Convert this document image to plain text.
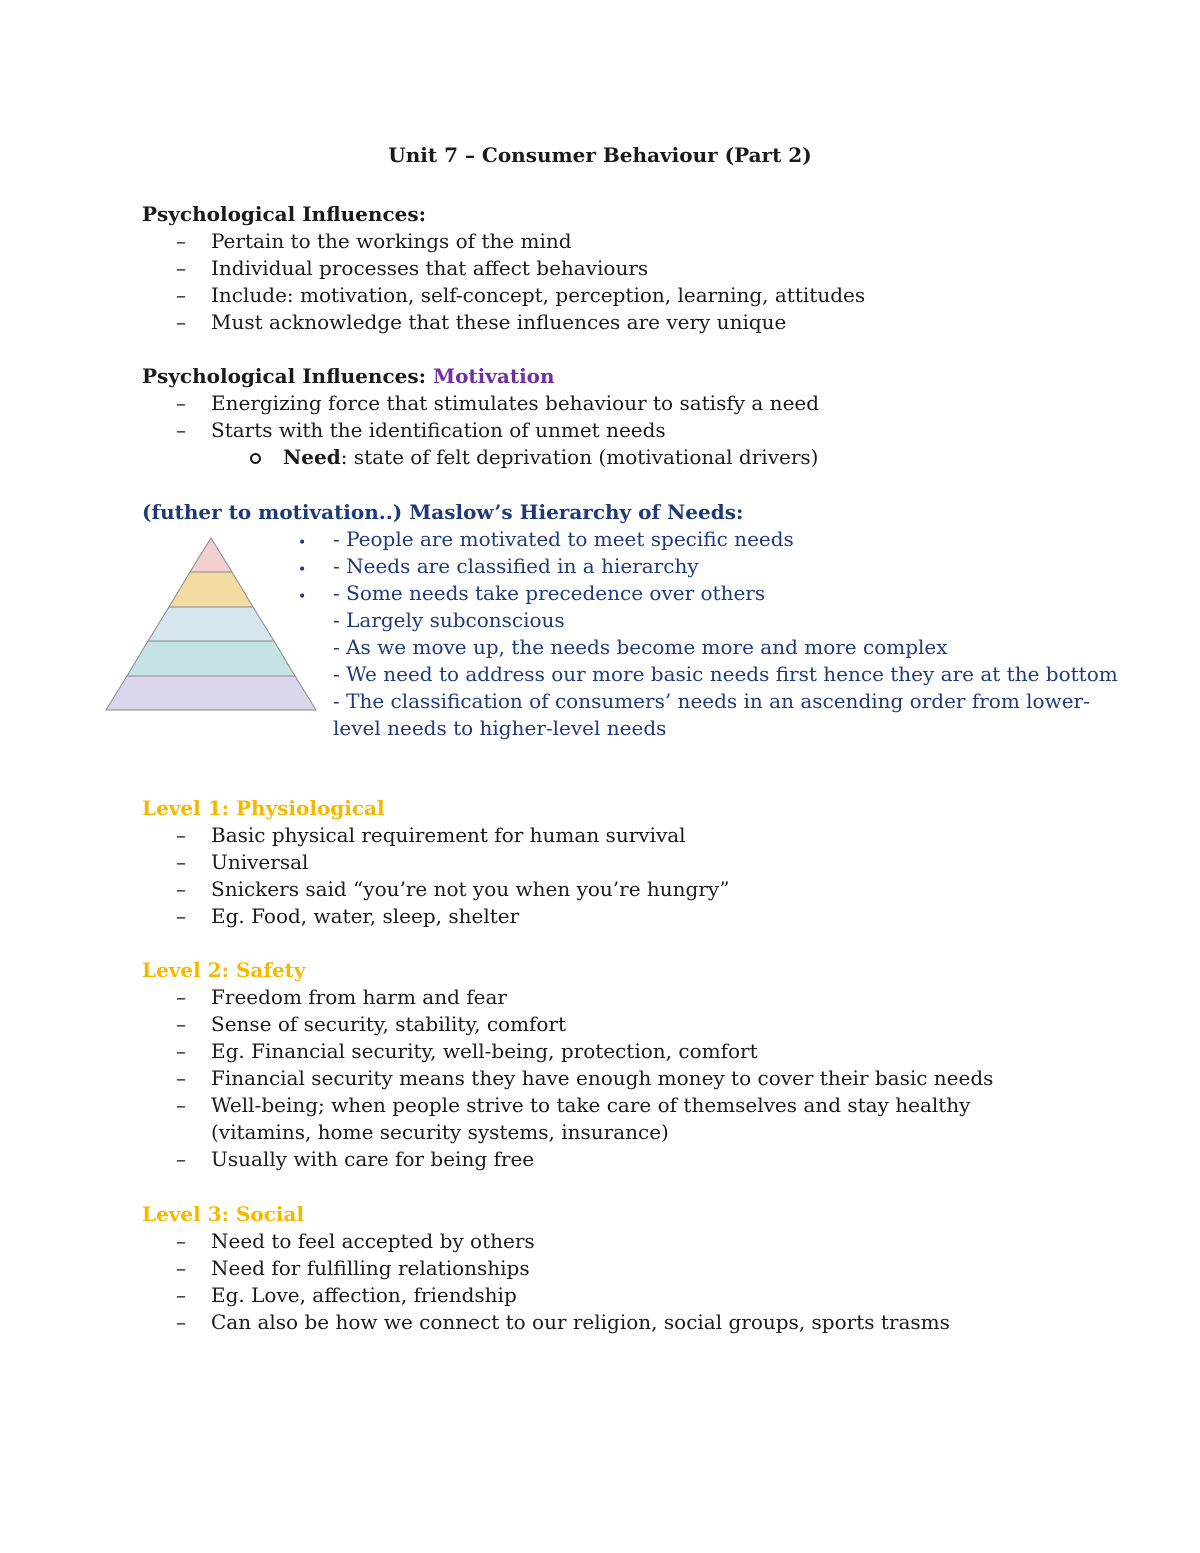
Unit 7 – Consumer Behaviour (Part 2)
Psychological Influences:
– Pertain to the workings of the mind
– Individual processes that affect behaviours
– Include: motivation, self-concept, perception, learning, attitudes
– Must acknowledge that these influences are very unique
Psychological Influences: Motivation
– Energizing force that stimulates behaviour to satisfy a need
– Starts with the identification of unmet needs
Need: state of felt deprivation (motivational drivers)
(futher to motivation..) Maslow’s Hierarchy of Needs:
•
•
•
- People are motivated to meet specific needs
- Needs are classified in a hierarchy
- Some needs take precedence over others
- Largely subconscious
- As we move up, the needs become more and more complex
- We need to address our more basic needs first hence they are at the bottom
- The classification of consumers’ needs in an ascending order from lower-
level needs to higher-level needs
Level 1: Physiological
– Basic physical requirement for human survival
– Universal
– Snickers said “you’re not you when you’re hungry”
– Eg. Food, water, sleep, shelter
Level 2: Safety
– Freedom from harm and fear
– Sense of security, stability, comfort
– Eg. Financial security, well-being, protection, comfort
– Financial security means they have enough money to cover their basic needs
– Well-being; when people strive to take care of themselves and stay healthy (vitamins, home security systems, insurance)
– Usually with care for being free
Level 3: Social
– Need to feel accepted by others
– Need for fulfilling relationships
– Eg. Love, affection, friendship
– Can also be how we connect to our religion, social groups, sports trasms
